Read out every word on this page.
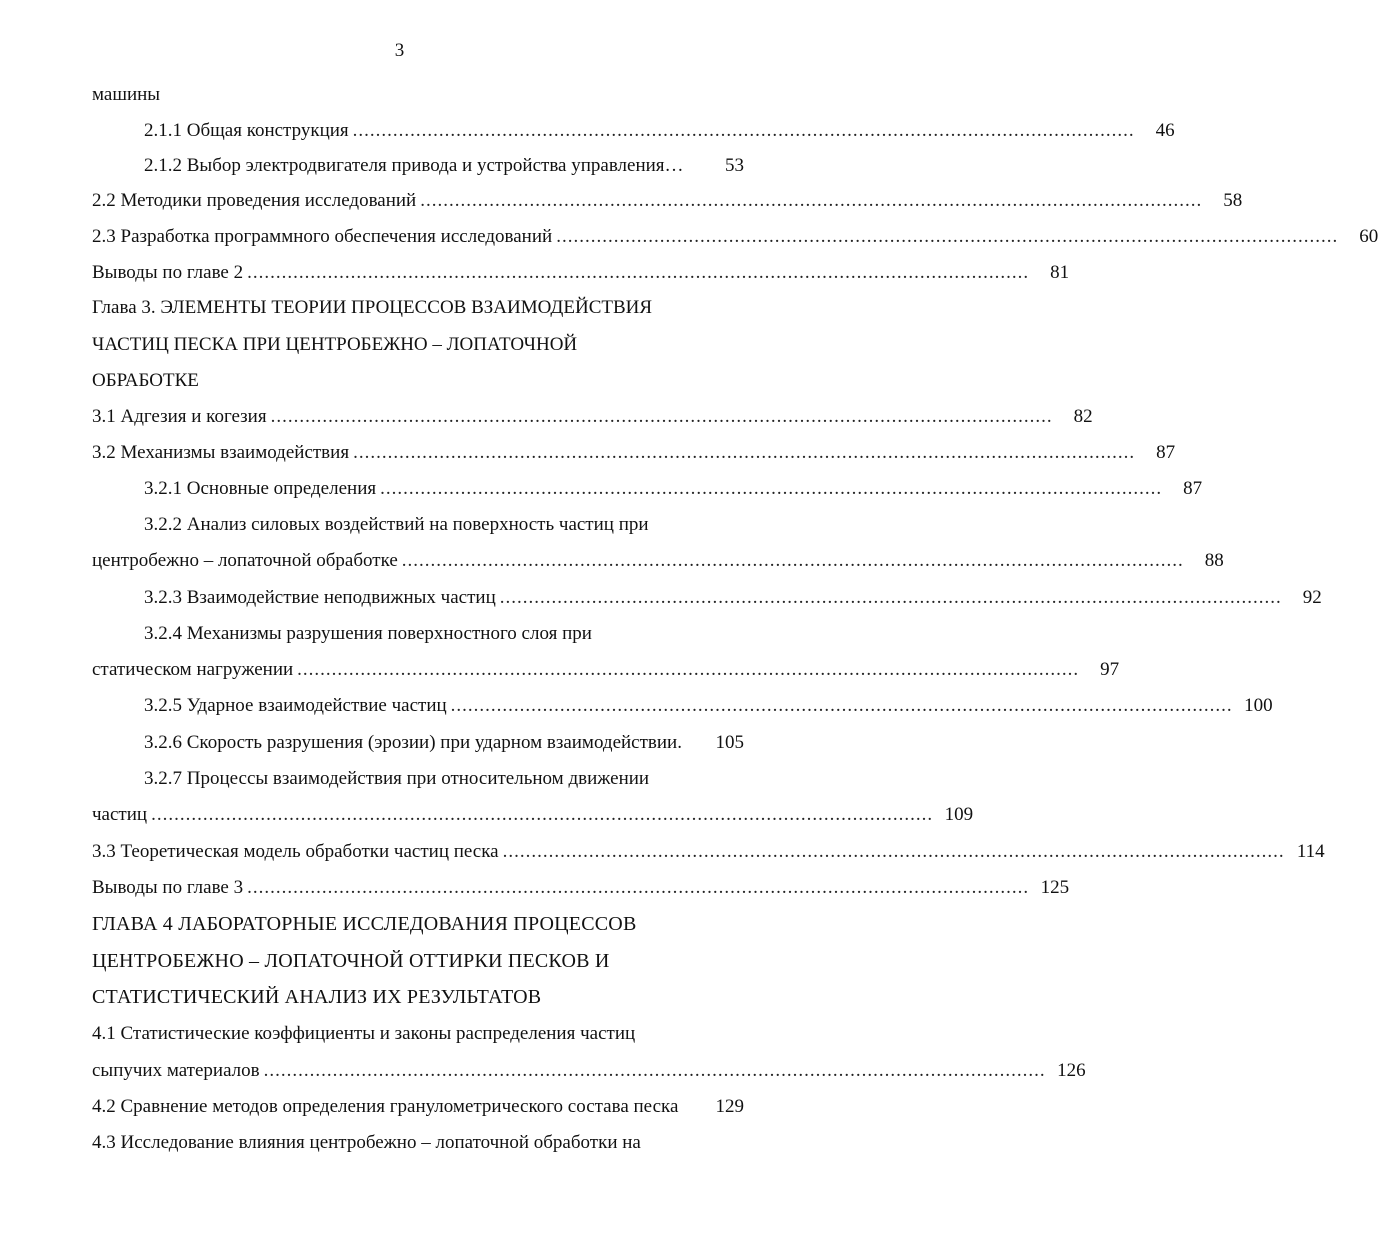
3
машины
2.1.1 Общая конструкция ........................................................................................................................................	46
2.1.2 Выбор электродвигателя привода и устройства управления…	53
2.2 Методики проведения исследований ........................................................................................................................................	58
2.3 Разработка программного обеспечения исследований ........................................................................................................................................	60
Выводы по главе 2 ........................................................................................................................................	81
Глава 3. ЭЛЕМЕНТЫ ТЕОРИИ ПРОЦЕССОВ ВЗАИМОДЕЙСТВИЯ
ЧАСТИЦ ПЕСКА ПРИ ЦЕНТРОБЕЖНО – ЛОПАТОЧНОЙ
ОБРАБОТКЕ
3.1 Адгезия и когезия ........................................................................................................................................	82
3.2 Механизмы взаимодействия ........................................................................................................................................	87
3.2.1 Основные определения ........................................................................................................................................	87
3.2.2 Анализ силовых воздействий на поверхность частиц при
центробежно – лопаточной обработке ........................................................................................................................................	88
3.2.3 Взаимодействие неподвижных частиц ........................................................................................................................................	92
3.2.4 Механизмы разрушения поверхностного слоя при
статическом нагружении ........................................................................................................................................	97
3.2.5 Ударное взаимодействие частиц ........................................................................................................................................ 100
3.2.6 Скорость разрушения (эрозии) при ударном взаимодействии.	105
3.2.7 Процессы взаимодействия при относительном движении
частиц ........................................................................................................................................ 109
3.3 Теоретическая модель обработки частиц песка ........................................................................................................................................ 114
Выводы по главе 3 ........................................................................................................................................ 125
ГЛАВА 4 ЛАБОРАТОРНЫЕ ИССЛЕДОВАНИЯ ПРОЦЕССОВ
ЦЕНТРОБЕЖНО – ЛОПАТОЧНОЙ ОТТИРКИ ПЕСКОВ И
СТАТИСТИЧЕСКИЙ АНАЛИЗ ИХ РЕЗУЛЬТАТОВ
4.1 Статистические коэффициенты и законы распределения частиц
сыпучих материалов ........................................................................................................................................ 126
4.2 Сравнение методов определения гранулометрического состава песка	129
4.3 Исследование влияния центробежно – лопаточной обработки на
